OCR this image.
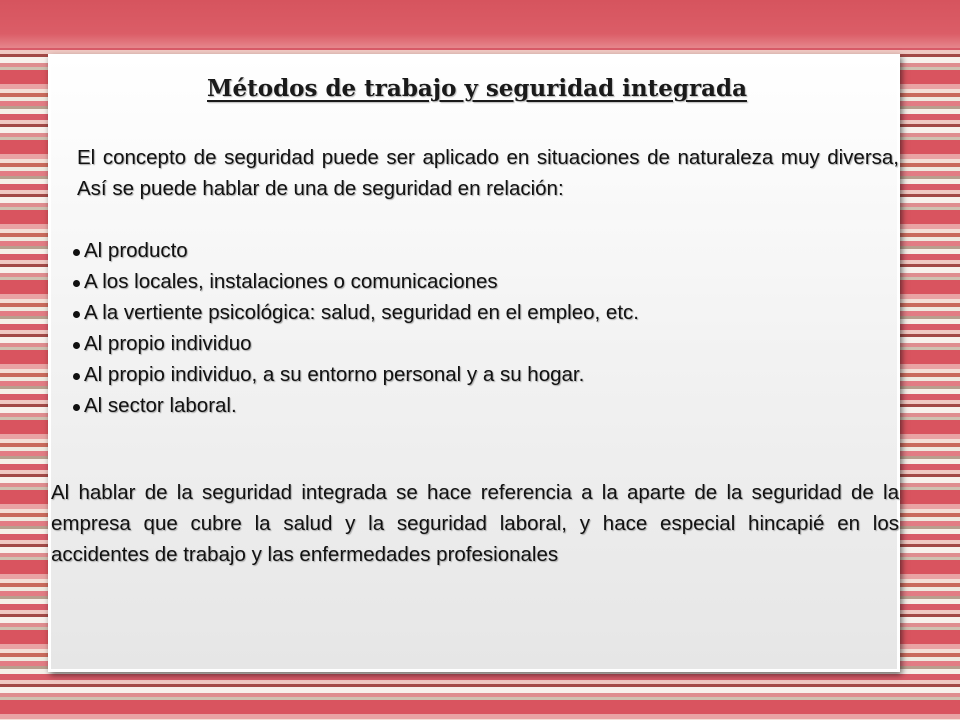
Métodos de trabajo y seguridad integrada

El concepto de seguridad puede ser aplicado en situaciones de naturaleza muy diversa, Así se puede hablar de una de seguridad en relación:

Al producto
A los locales, instalaciones o comunicaciones
A la vertiente psicológica: salud, seguridad en el empleo, etc.
Al propio individuo
Al propio individuo, a su entorno personal y a su hogar.
Al sector laboral.

Al hablar de la seguridad integrada se hace referencia a la aparte de la seguridad de la empresa que cubre la salud y la seguridad laboral, y hace especial hincapié en los accidentes de trabajo y las enfermedades profesionales
